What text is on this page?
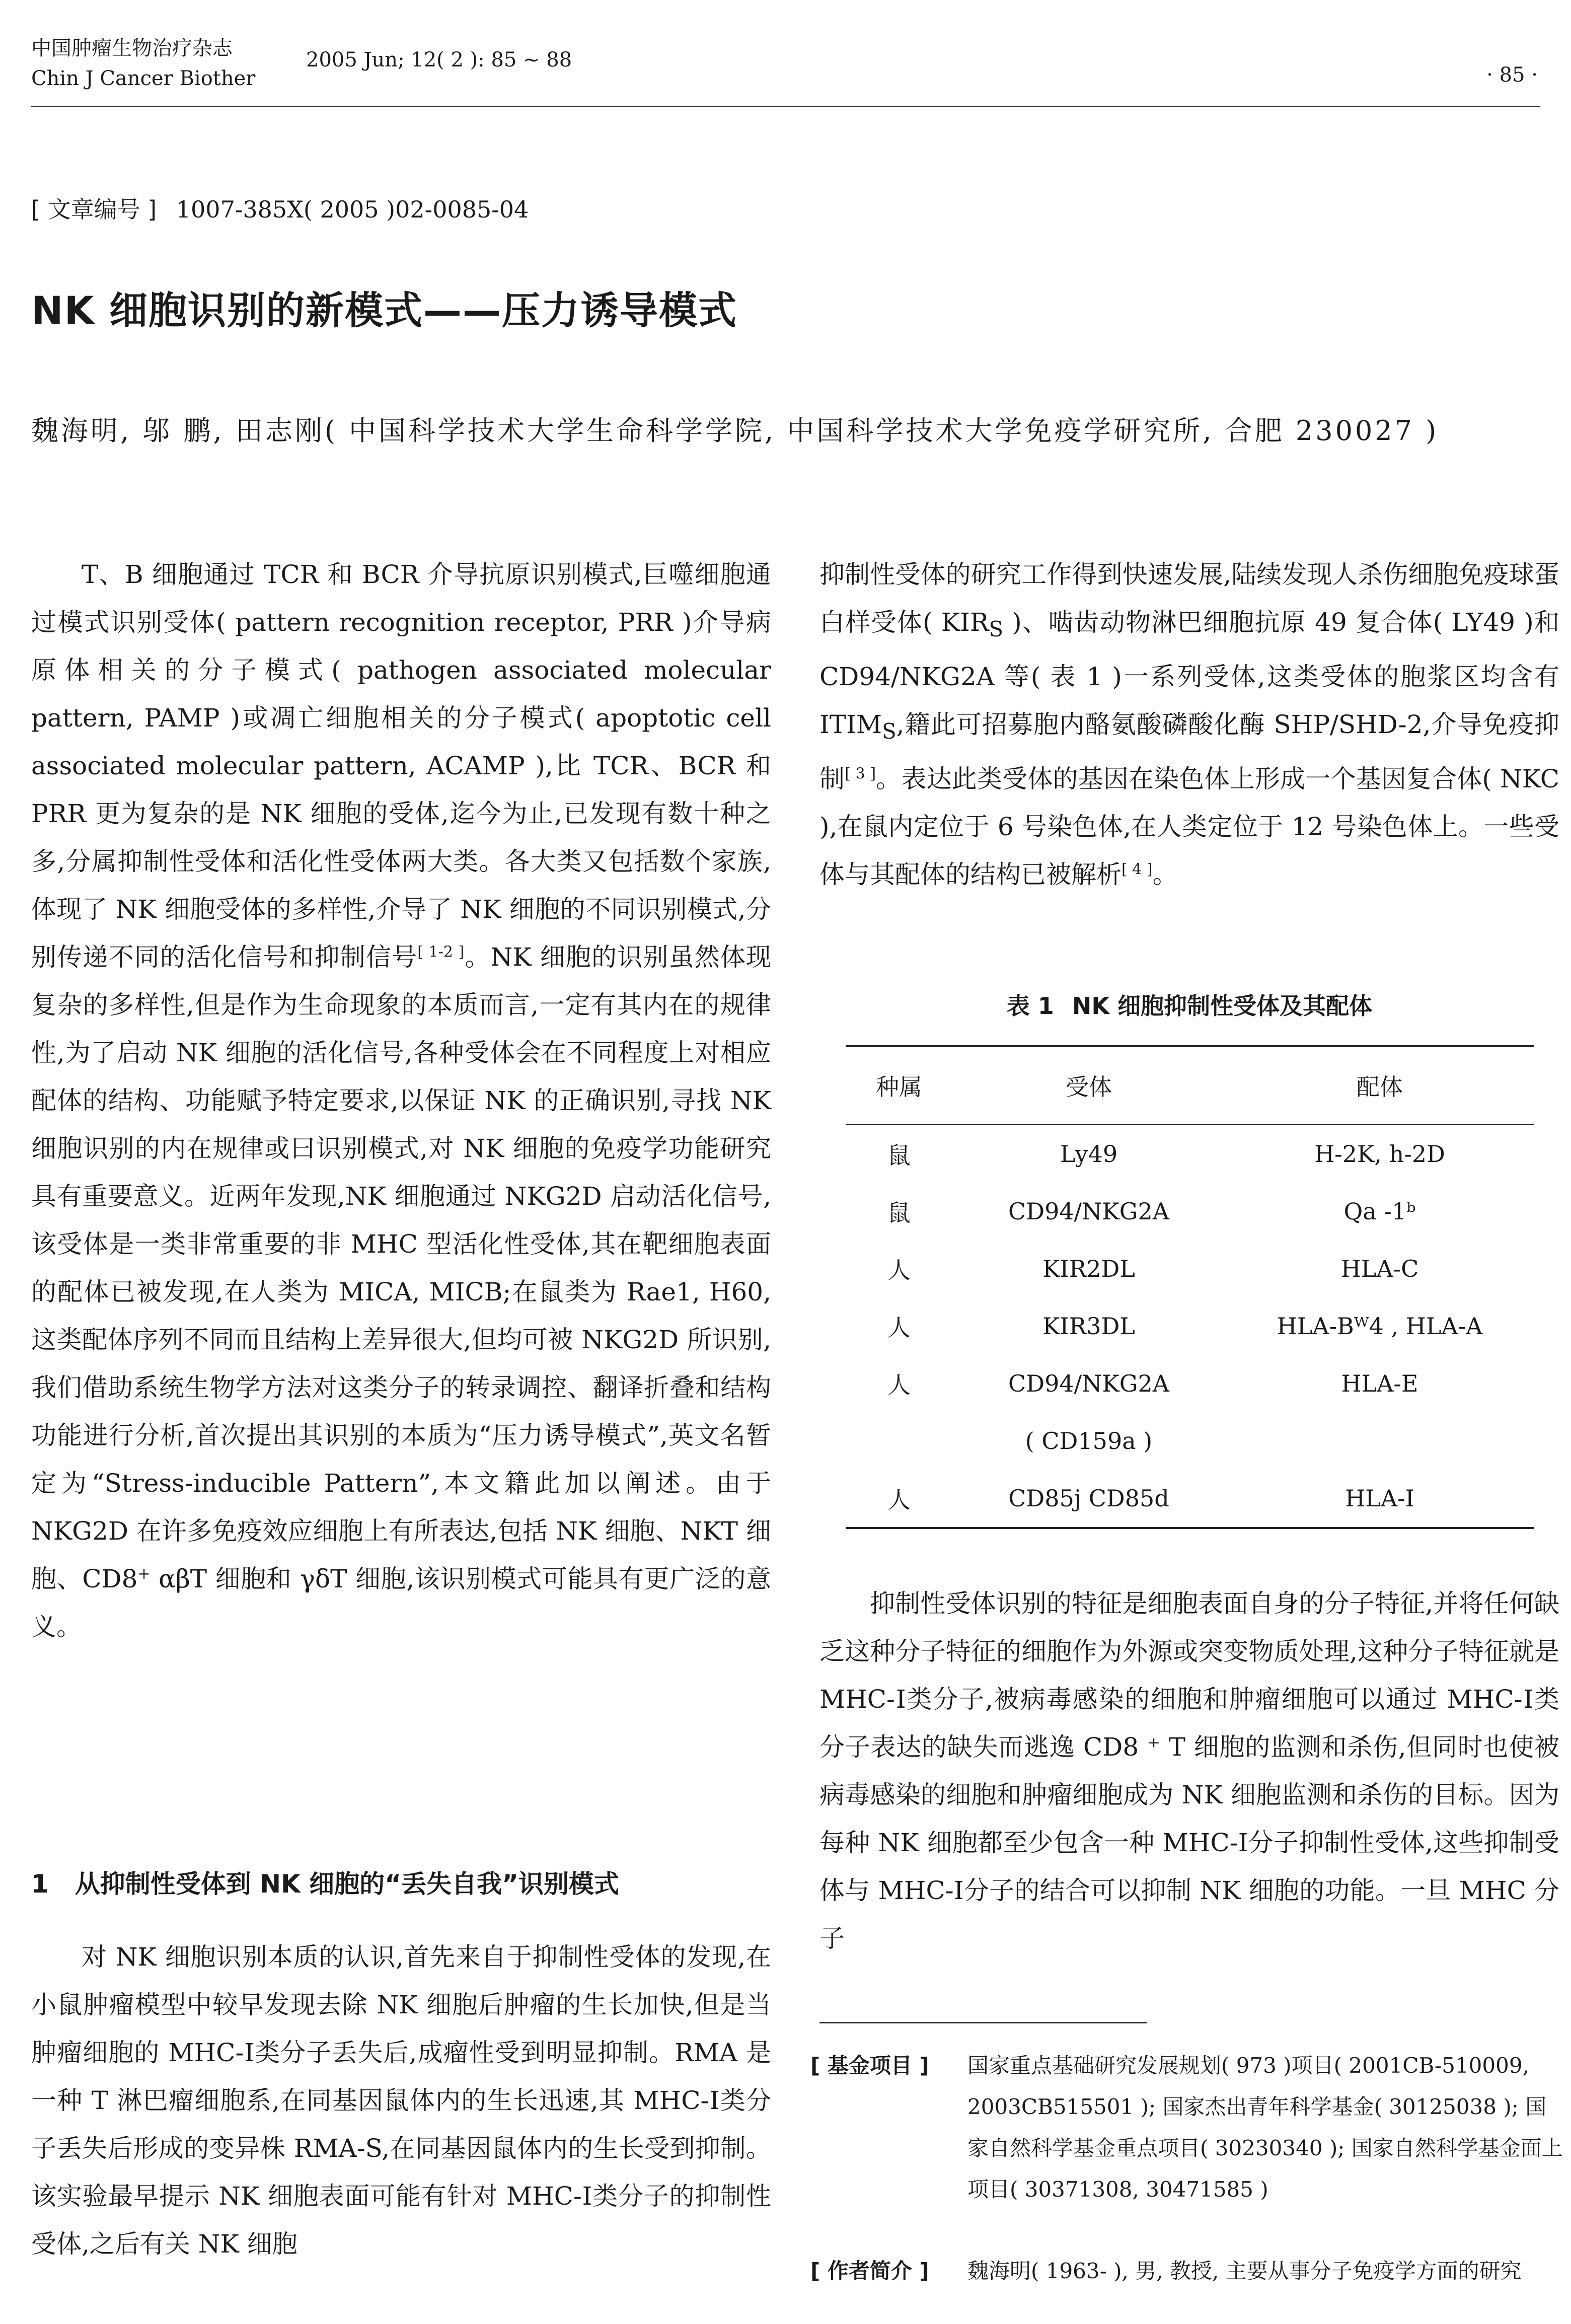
中国肿瘤生物治疗杂志
Chin J Cancer Biother
2005 Jun; 12( 2 ): 85 ~ 88
· 85 ·
[ 文章编号 ] 1007-385X( 2005 )02-0085-04
NK 细胞识别的新模式——压力诱导模式

魏海明, 邬 鹏, 田志刚( 中国科学技术大学生命科学学院, 中国科学技术大学免疫学研究所, 合肥 230027 )

T、B 细胞通过 TCR 和 BCR 介导抗原识别模式,巨噬细胞通过模式识别受体( pattern recognition receptor, PRR )介导病原体相关的分子模式( pathogen associated molecular pattern, PAMP )或凋亡细胞相关的分子模式( apoptotic cell associated molecular pattern, ACAMP ),比 TCR、BCR 和 PRR 更为复杂的是 NK 细胞的受体,迄今为止,已发现有数十种之多,分属抑制性受体和活化性受体两大类。各大类又包括数个家族,体现了 NK 细胞受体的多样性,介导了 NK 细胞的不同识别模式,分别传递不同的活化信号和抑制信号[ 1-2 ]。NK 细胞的识别虽然体现复杂的多样性,但是作为生命现象的本质而言,一定有其内在的规律性,为了启动 NK 细胞的活化信号,各种受体会在不同程度上对相应配体的结构、功能赋予特定要求,以保证 NK 的正确识别,寻找 NK 细胞识别的内在规律或曰识别模式,对 NK 细胞的免疫学功能研究具有重要意义。近两年发现,NK 细胞通过 NKG2D 启动活化信号,该受体是一类非常重要的非 MHC 型活化性受体,其在靶细胞表面的配体已被发现,在人类为 MICA, MICB;在鼠类为 Rae1, H60,这类配体序列不同而且结构上差异很大,但均可被 NKG2D 所识别,我们借助系统生物学方法对这类分子的转录调控、翻译折叠和结构功能进行分析,首次提出其识别的本质为“压力诱导模式”,英文名暂定为“Stress-inducible Pattern”,本文籍此加以阐述。由于 NKG2D 在许多免疫效应细胞上有所表达,包括 NK 细胞、NKT 细胞、CD8+ αβT 细胞和 γδT 细胞,该识别模式可能具有更广泛的意义。

1 从抑制性受体到 NK 细胞的“丢失自我”识别模式

对 NK 细胞识别本质的认识,首先来自于抑制性受体的发现,在小鼠肿瘤模型中较早发现去除 NK 细胞后肿瘤的生长加快,但是当肿瘤细胞的 MHC-Ⅰ类分子丢失后,成瘤性受到明显抑制。RMA 是一种 T 淋巴瘤细胞系,在同基因鼠体内的生长迅速,其 MHC-Ⅰ类分子丢失后形成的变异株 RMA-S,在同基因鼠体内的生长受到抑制。该实验最早提示 NK 细胞表面可能有针对 MHC-Ⅰ类分子的抑制性受体,之后有关 NK 细胞

抑制性受体的研究工作得到快速发展,陆续发现人杀伤细胞免疫球蛋白样受体( $KIR_S$ )、啮齿动物淋巴细胞抗原 49 复合体( LY49 )和 CD94/NKG2A 等( 表 1 )一系列受体,这类受体的胞浆区均含有 $ITIM_S$,籍此可招募胞内酪氨酸磷酸化酶 SHP/SHD-2,介导免疫抑制[ 3 ]。表达此类受体的基因在染色体上形成一个基因复合体( NKC ),在鼠内定位于 6 号染色体,在人类定位于 12 号染色体上。一些受体与其配体的结构已被解析[ 4 ]。

表 1 NK 细胞抑制性受体及其配体
种属	受体	配体
鼠	Ly49	H-2K, h-2D
鼠	CD94/NKG2A	Qa -1ᵇ
人	KIR2DL	HLA-C
人	KIR3DL	HLA-Bᵂ4 , HLA-A
人	CD94/NKG2A	HLA-E
	( CD159a )	
人	CD85j CD85d	HLA-I

抑制性受体识别的特征是细胞表面自身的分子特征,并将任何缺乏这种分子特征的细胞作为外源或突变物质处理,这种分子特征就是 MHC-Ⅰ类分子,被病毒感染的细胞和肿瘤细胞可以通过 MHC-Ⅰ类分子表达的缺失而逃逸 CD8 ⁺ T 细胞的监测和杀伤,但同时也使被病毒感染的细胞和肿瘤细胞成为 NK 细胞监测和杀伤的目标。因为每种 NK 细胞都至少包含一种 MHC-Ⅰ分子抑制性受体,这些抑制受体与 MHC-Ⅰ分子的结合可以抑制 NK 细胞的功能。一旦 MHC 分子

[ 基金项目 ] 国家重点基础研究发展规划( 973 )项目( 2001CB-510009, 2003CB515501 ); 国家杰出青年科学基金( 30125038 ); 国家自然科学基金重点项目( 30230340 ); 国家自然科学基金面上项目( 30371308, 30471585 )
[ 作者简介 ] 魏海明( 1963- ), 男, 教授, 主要从事分子免疫学方面的研究
